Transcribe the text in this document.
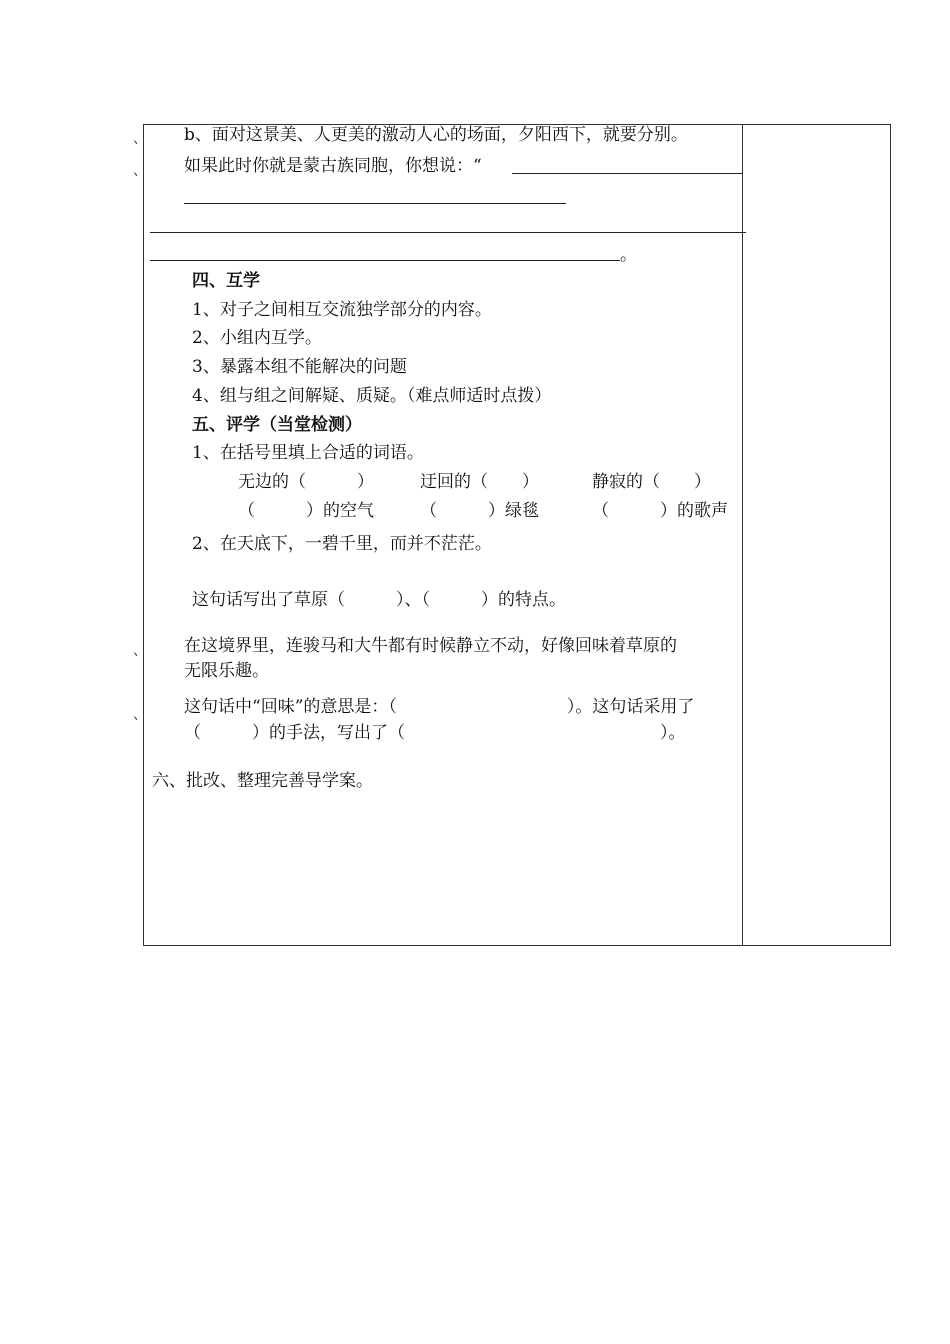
、
、
、
、
b、面对这景美、人更美的激动人心的场面，夕阳西下，就要分别。
如果此时你就是蒙古族同胞，你想说：“
。
四、互学
1、对子之间相互交流独学部分的内容。
2、小组内互学。
3、暴露本组不能解决的问题
4、组与组之间解疑、质疑。（难点师适时点拨）
五、评学（当堂检测）
1、在括号里填上合适的词语。
无边的（　　　）	迂回的（　　）	静寂的（　　）
（　　　）的空气	（　　　）绿毯	（　　　）的歌声
2、在天底下，一碧千里，而并不茫茫。
这句话写出了草原（　　　）、（　　　）的特点。
在这境界里，连骏马和大牛都有时候静立不动，好像回味着草原的
无限乐趣。
这句话中“回味”的意思是：（　　　　　　　　　　）。这句话采用了
（　　　）的手法，写出了（　　　　　　　　　　　　　　　）。
六、批改、整理完善导学案。
